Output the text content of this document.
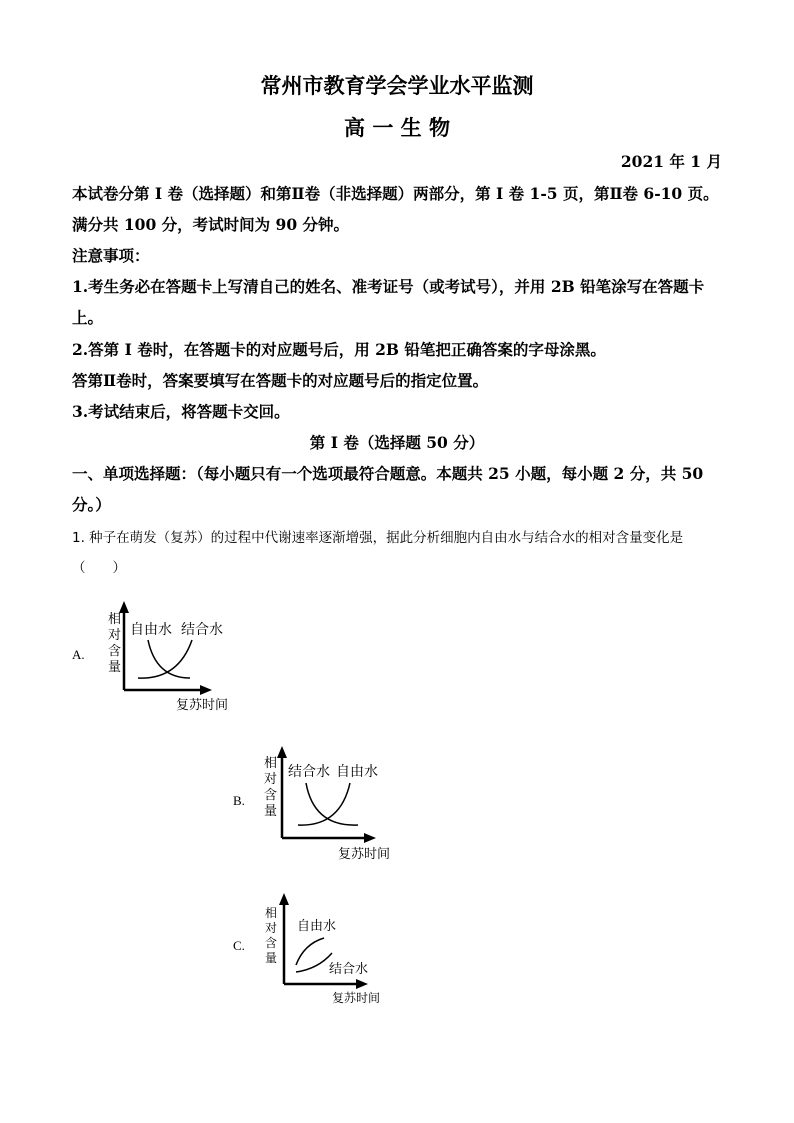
常州市教育学会学业水平监测
高 一 生 物
2021 年 1 月
本试卷分第 I 卷（选择题）和第Ⅱ卷（非选择题）两部分，第 I 卷 1-5 页，第Ⅱ卷 6-10 页。
满分共 100 分，考试时间为 90 分钟。
注意事项：
1.考生务必在答题卡上写清自己的姓名、准考证号（或考试号），并用 2B 铅笔涂写在答题卡
上。
2.答第 I 卷时，在答题卡的对应题号后，用 2B 铅笔把正确答案的字母涂黑。
答第Ⅱ卷时，答案要填写在答题卡的对应题号后的指定位置。
3.考试结束后，将答题卡交回。
第 I 卷（选择题 50 分）
一、单项选择题：（每小题只有一个选项最符合题意。本题共 25 小题，每小题 2 分，共 50
分。）
1. 种子在萌发（复苏）的过程中代谢速率逐渐增强，据此分析细胞内自由水与结合水的相对含量变化是
（　　）
A.
相
对
含
量
自由水 结合水
复苏时间
B.
相
对
含
量
结合水 自由水
复苏时间
C.
相
对
含
量
自由水
结合水
复苏时间
